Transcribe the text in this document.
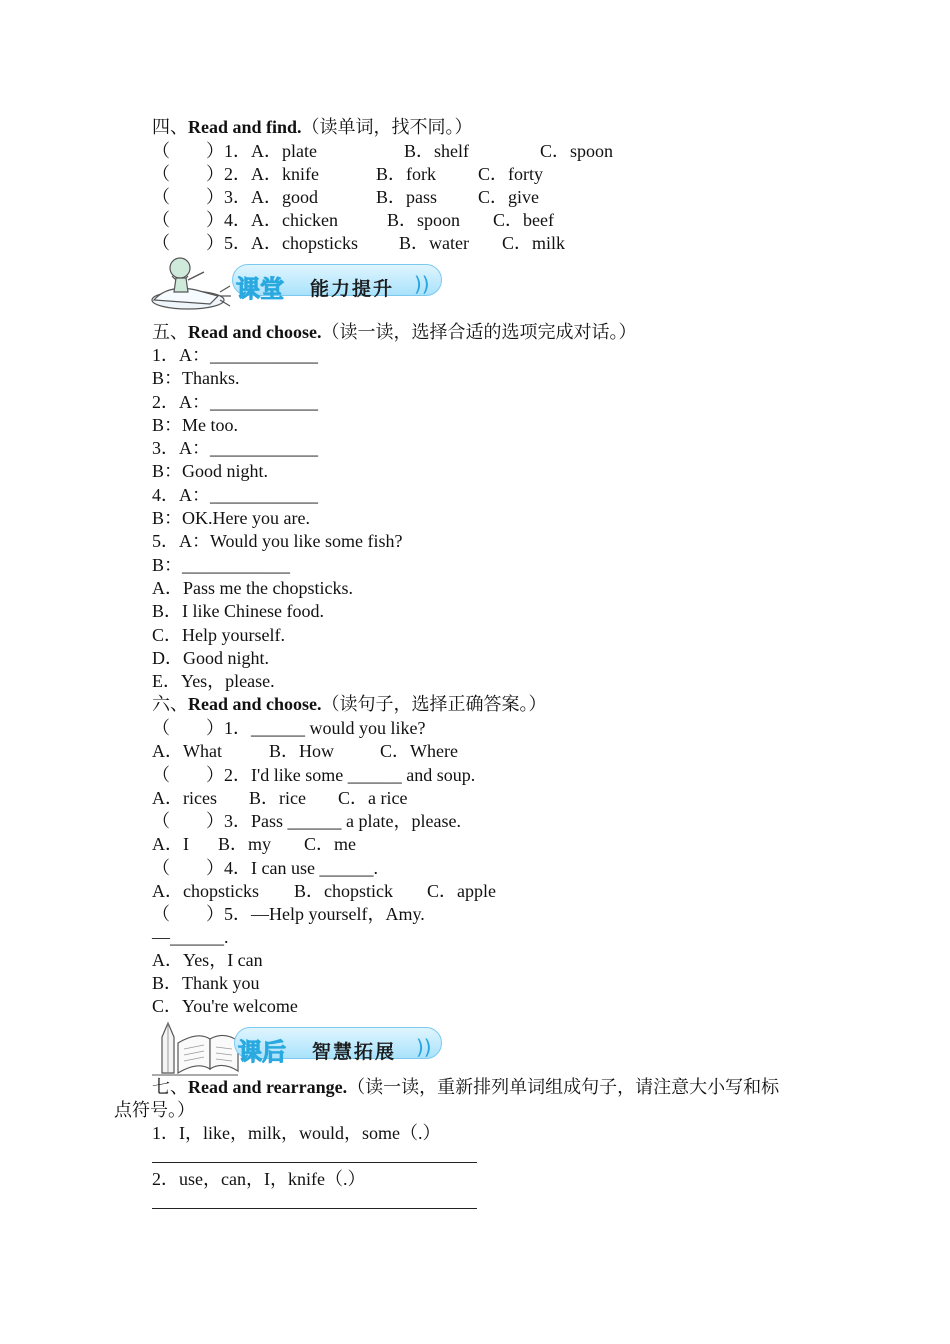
四、Read and find.（读单词，找不同。）
（　　）1．A．plate	B．shelf	C．spoon
（　　）2．A．knife	B．fork C．forty
（　　）3．A．good	B．pass C．give
（　　）4．A．chicken	B．spoon C．beef
（　　）5．A．chopsticks B．water C．milk
课堂 能力提升 ))
五、Read and choose.（读一读，选择合适的选项完成对话。）
1．A：____________
B：Thanks.
2．A：____________
B：Me too.
3．A：____________
B：Good night.
4．A：____________
B：OK.Here you are.
5．A：Would you like some fish?
B：____________
A．Pass me the chopsticks.
B．I like Chinese food.
C．Help yourself.
D．Good night.
E．Yes，please.
六、Read and choose.（读句子，选择正确答案。）
（　　）1．______ would you like?
A．What	B．How	C．Where
（　　）2．I'd like some ______ and soup.
A．rices B．rice C．a rice
（　　）3．Pass ______ a plate，please.
A．I B．my C．me
（　　）4．I can use ______.
A．chopsticks B．chopstick C．apple
（　　）5．—Help yourself，Amy.
—______.
A．Yes，I can
B．Thank you
C．You're welcome
课后 智慧拓展 ))
七、Read and rearrange.（读一读，重新排列单词组成句子，请注意大小写和标
点符号。）
1．I，like，milk，would，some（.）
2．use，can，I，knife（.）
